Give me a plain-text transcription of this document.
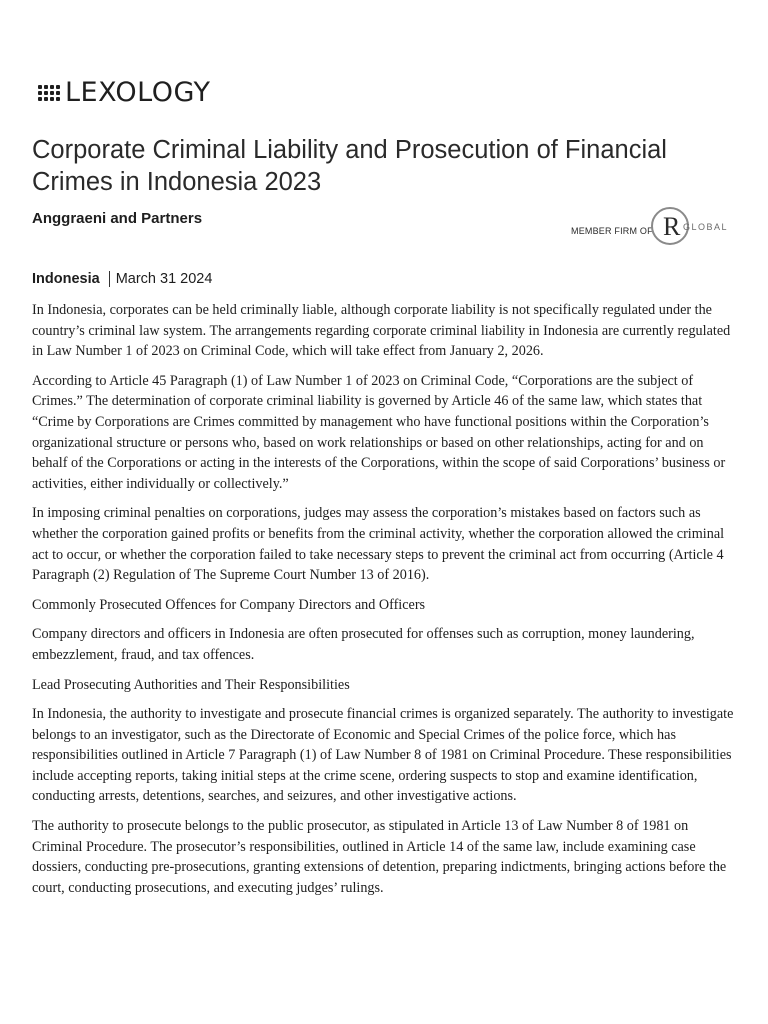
LEXOLOGY
Corporate Criminal Liability and Prosecution of Financial Crimes in Indonesia 2023
Anggraeni and Partners
MEMBER FIRM OF R GLOBAL
Indonesia March 31 2024

In Indonesia, corporates can be held criminally liable, although corporate liability is not specifically regulated under the country’s criminal law system. The arrangements regarding corporate criminal liability in Indonesia are currently regulated in Law Number 1 of 2023 on Criminal Code, which will take effect from January 2, 2026.

According to Article 45 Paragraph (1) of Law Number 1 of 2023 on Criminal Code, “Corporations are the subject of Crimes.” The determination of corporate criminal liability is governed by Article 46 of the same law, which states that “Crime by Corporations are Crimes committed by management who have functional positions within the Corporation’s organizational structure or persons who, based on work relationships or based on other relationships, acting for and on behalf of the Corporations or acting in the interests of the Corporations, within the scope of said Corporations’ business or activities, either individually or collectively.”

In imposing criminal penalties on corporations, judges may assess the corporation’s mistakes based on factors such as whether the corporation gained profits or benefits from the criminal activity, whether the corporation allowed the criminal act to occur, or whether the corporation failed to take necessary steps to prevent the criminal act from occurring (Article 4 Paragraph (2) Regulation of The Supreme Court Number 13 of 2016).

Commonly Prosecuted Offences for Company Directors and Officers

Company directors and officers in Indonesia are often prosecuted for offenses such as corruption, money laundering, embezzlement, fraud, and tax offences.

Lead Prosecuting Authorities and Their Responsibilities

In Indonesia, the authority to investigate and prosecute financial crimes is organized separately. The authority to investigate belongs to an investigator, such as the Directorate of Economic and Special Crimes of the police force, which has responsibilities outlined in Article 7 Paragraph (1) of Law Number 8 of 1981 on Criminal Procedure. These responsibilities include accepting reports, taking initial steps at the crime scene, ordering suspects to stop and examine identification, conducting arrests, detentions, searches, and seizures, and other investigative actions.

The authority to prosecute belongs to the public prosecutor, as stipulated in Article 13 of Law Number 8 of 1981 on Criminal Procedure. The prosecutor’s responsibilities, outlined in Article 14 of the same law, include examining case dossiers, conducting pre-prosecutions, granting extensions of detention, preparing indictments, bringing actions before the court, conducting prosecutions, and executing judges’ rulings.
